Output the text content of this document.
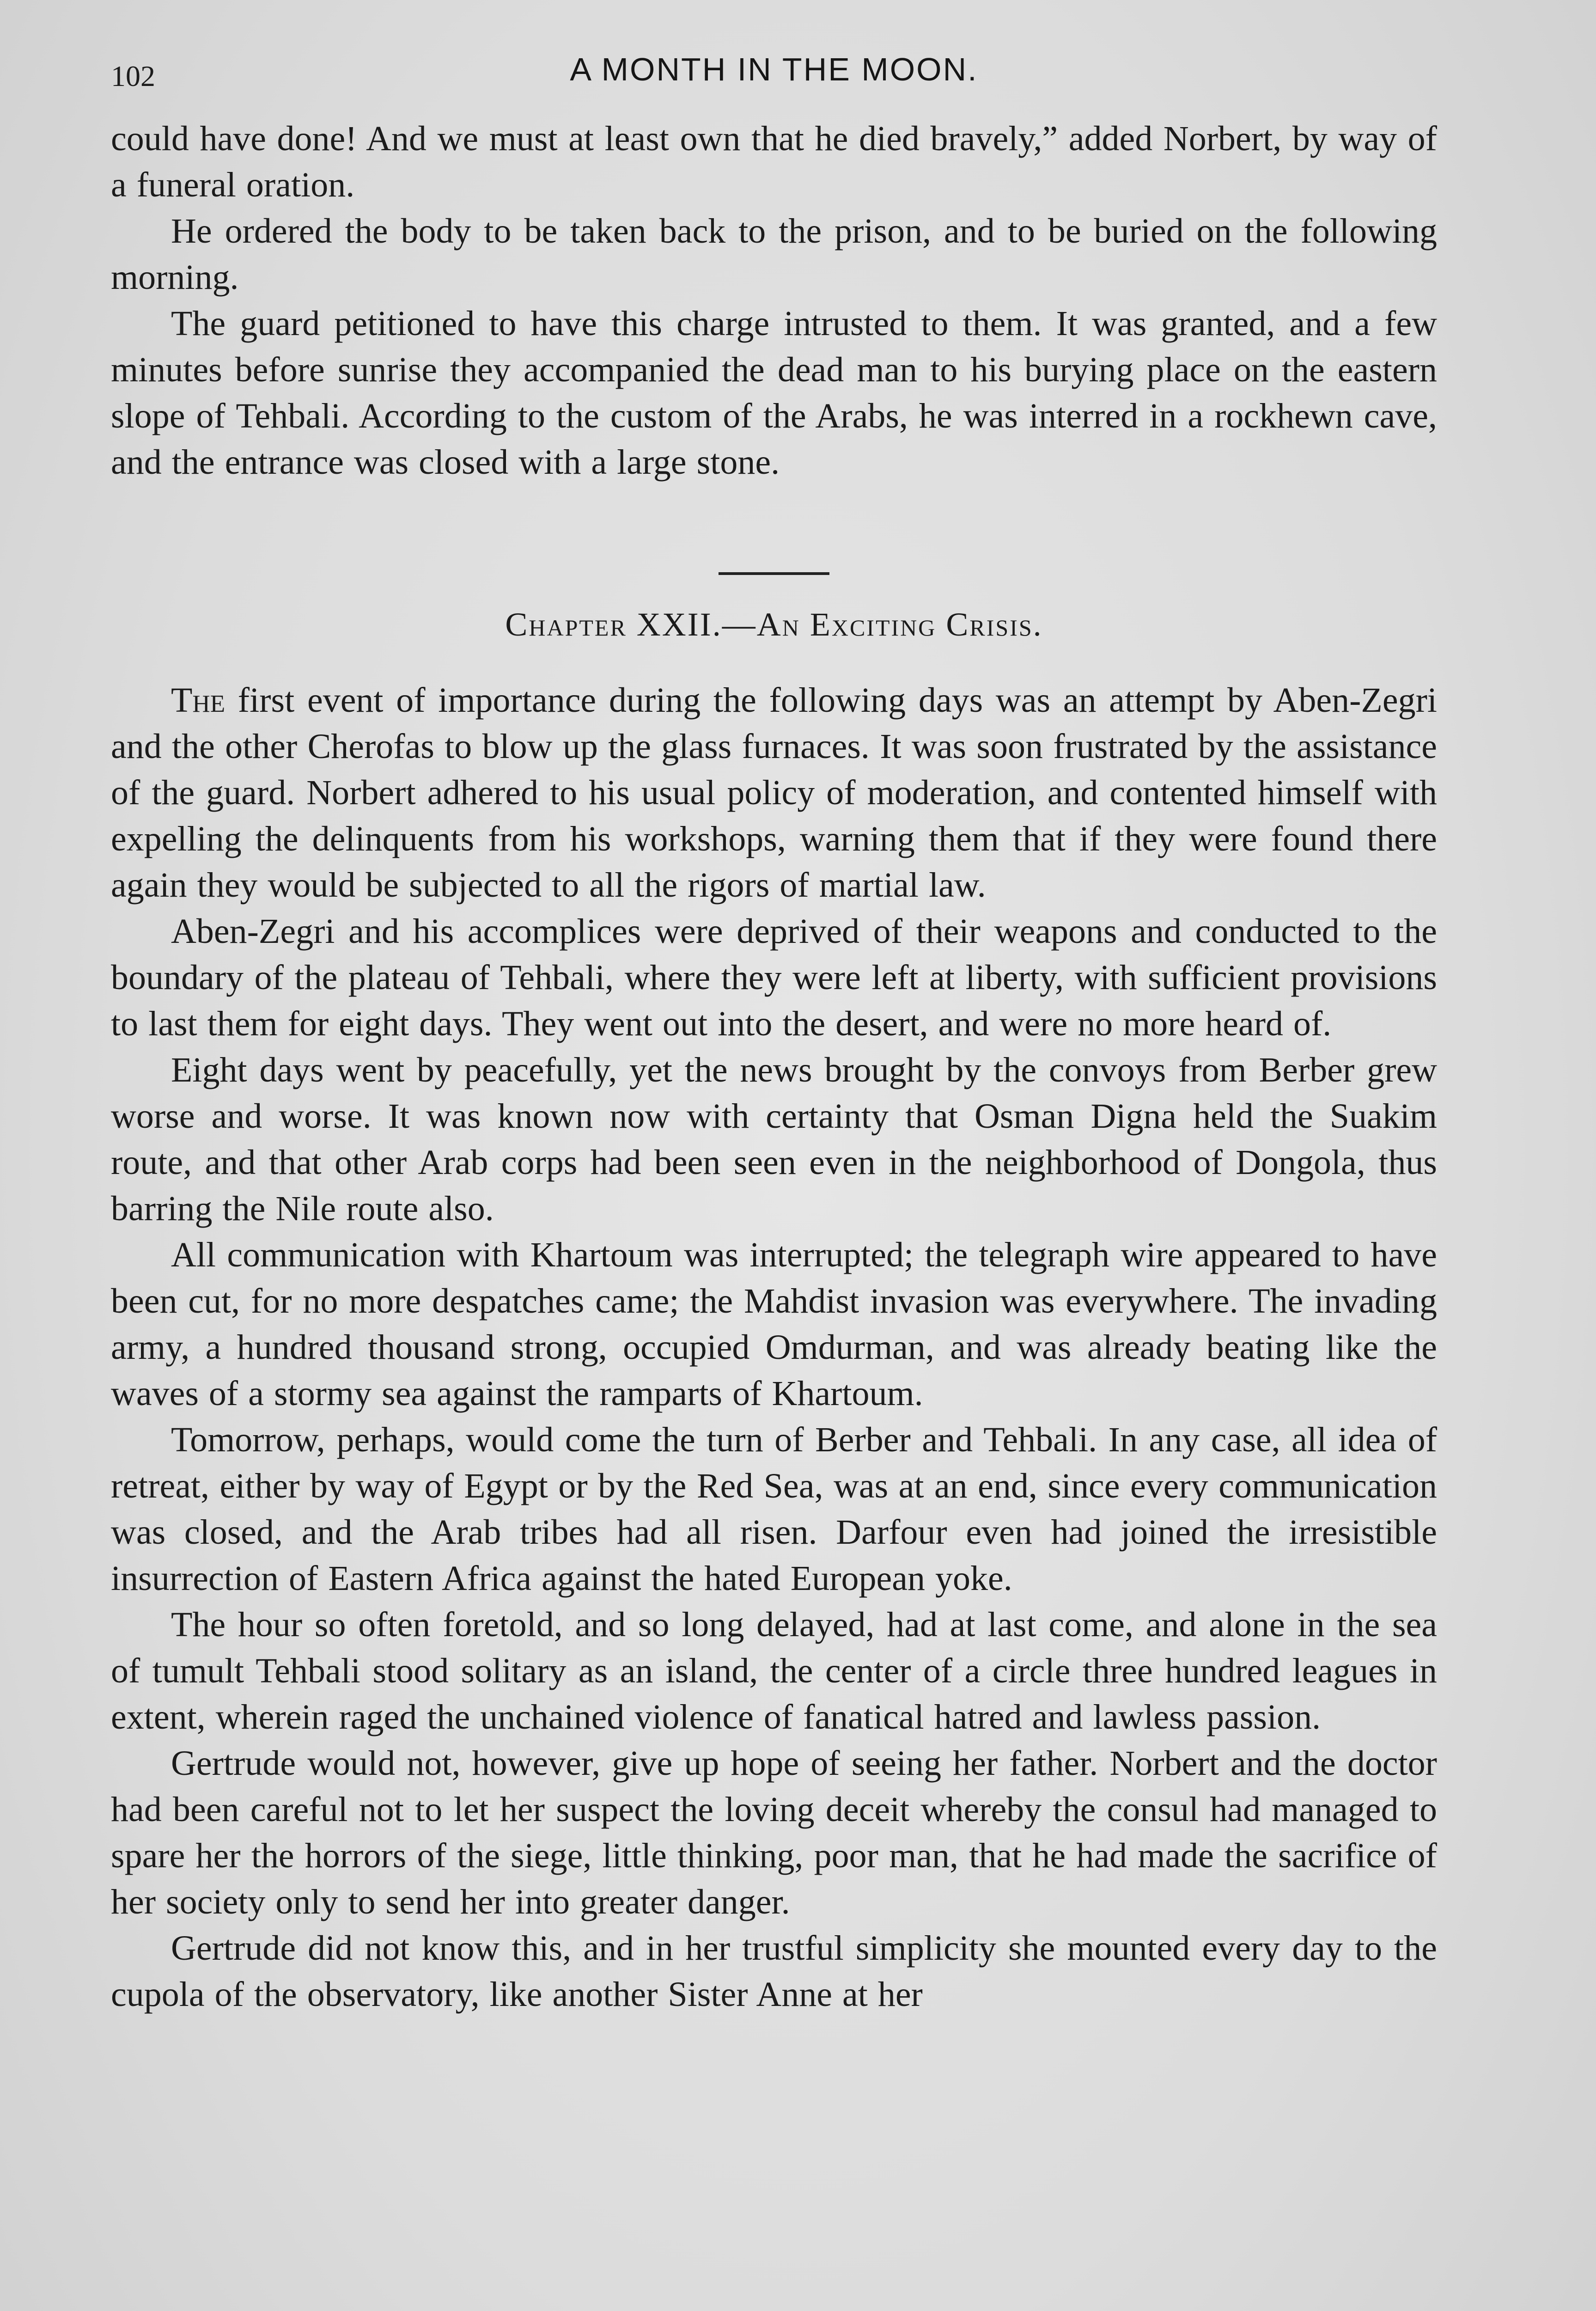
102	A MONTH IN THE MOON.

could have done! And we must at least own that he died bravely,” added Norbert, by way of a funeral oration.

He ordered the body to be taken back to the prison, and to be buried on the following morning.

The guard petitioned to have this charge intrusted to them. It was granted, and a few minutes before sunrise they accompanied the dead man to his burying place on the eastern slope of Tehbali. According to the custom of the Arabs, he was interred in a rockhewn cave, and the entrance was closed with a large stone.

Chapter XXII.—An Exciting Crisis.

The first event of importance during the following days was an attempt by Aben-Zegri and the other Cherofas to blow up the glass furnaces. It was soon frustrated by the assistance of the guard. Norbert adhered to his usual policy of moderation, and contented himself with expelling the delinquents from his workshops, warning them that if they were found there again they would be subjected to all the rigors of martial law.

Aben-Zegri and his accomplices were deprived of their weapons and conducted to the boundary of the plateau of Tehbali, where they were left at liberty, with sufficient provisions to last them for eight days. They went out into the desert, and were no more heard of.

Eight days went by peacefully, yet the news brought by the convoys from Berber grew worse and worse. It was known now with certainty that Osman Digna held the Suakim route, and that other Arab corps had been seen even in the neighborhood of Dongola, thus barring the Nile route also.

All communication with Khartoum was interrupted; the telegraph wire appeared to have been cut, for no more despatches came; the Mahdist invasion was everywhere. The invading army, a hundred thousand strong, occupied Omdurman, and was already beating like the waves of a stormy sea against the ramparts of Khartoum.

Tomorrow, perhaps, would come the turn of Berber and Tehbali. In any case, all idea of retreat, either by way of Egypt or by the Red Sea, was at an end, since every communication was closed, and the Arab tribes had all risen. Darfour even had joined the irresistible insurrection of Eastern Africa against the hated European yoke.

The hour so often foretold, and so long delayed, had at last come, and alone in the sea of tumult Tehbali stood solitary as an island, the center of a circle three hundred leagues in extent, wherein raged the unchained violence of fanatical hatred and lawless passion.

Gertrude would not, however, give up hope of seeing her father. Norbert and the doctor had been careful not to let her suspect the loving deceit whereby the consul had managed to spare her the horrors of the siege, little thinking, poor man, that he had made the sacrifice of her society only to send her into greater danger.

Gertrude did not know this, and in her trustful simplicity she mounted every day to the cupola of the observatory, like another Sister Anne at her
